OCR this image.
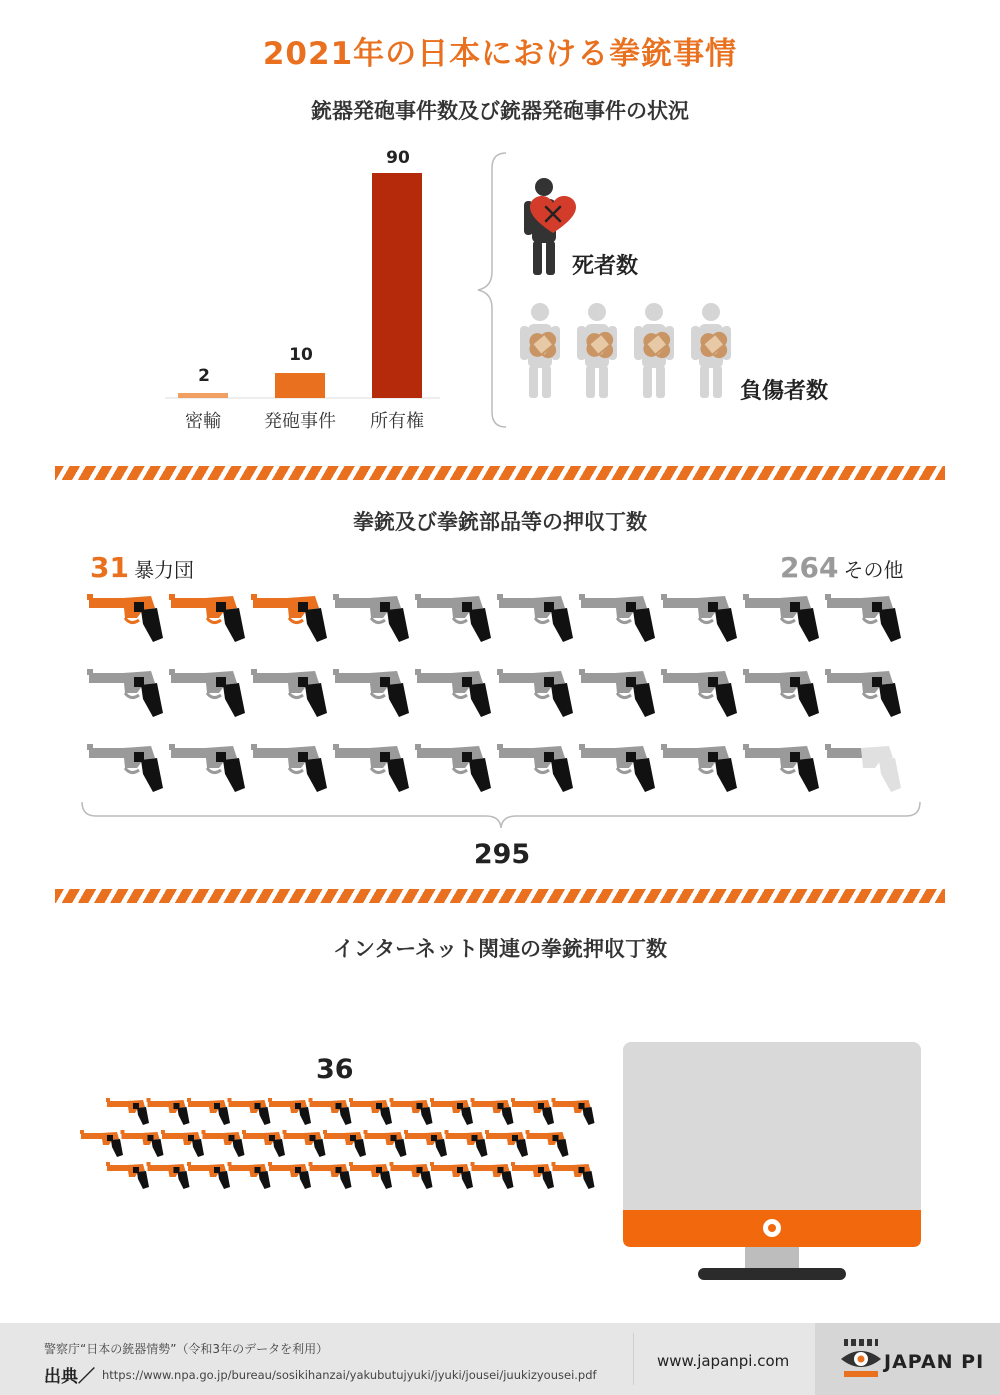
2021年の日本における拳銃事情
銃器発砲事件数及び銃器発砲事件の状況
2
10
90
密輸	発砲事件	所有権
死者数
負傷者数
拳銃及び拳銃部品等の押収丁数
31 暴力団	264 その他
295
インターネット関連の拳銃押収丁数
36
警察庁“日本の銃器情勢”（令和3年のデータを利用）
出典／ https://www.npa.go.jp/bureau/sosikihanzai/yakubutujyuki/jyuki/jousei/juukizyousei.pdf
www.japanpi.com	JAPAN PI
